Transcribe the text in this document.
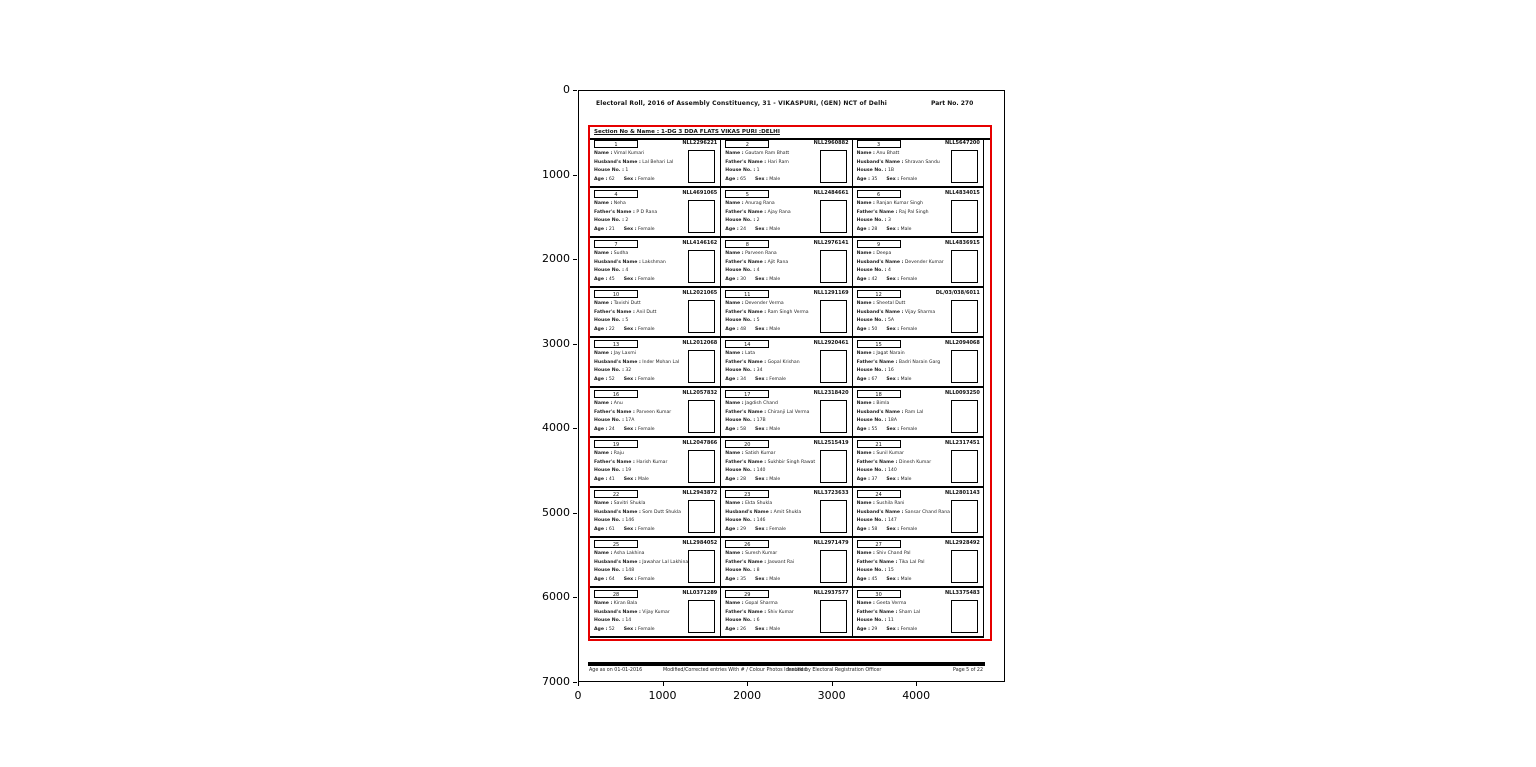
0
1000
2000
3000
4000
5000
6000
7000
0	1000	2000	3000	4000
Electoral Roll, 2016 of Assembly Constituency, 31 - VIKASPURI, (GEN) NCT of Delhi	Part No. 270
Section No & Name : 1-DG 3 DDA FLATS VIKAS PURI :DELHI
1	NLL2296221
Name : Vimal Kumari
Husband's Name : Lal Behari Lal
House No. : 1
Age : 62 Sex : Female
2	NLL2960882
Name : Gautam Ram Bhatt
Father's Name : Hari Ram
House No. : 1
Age : 65 Sex : Male
3	NLL5647200
Name : Anu Bhatt
Husband's Name : Shravan Sandu
House No. : 1B
Age : 35 Sex : Female
4	NLL4691065
Name : Neha
Father's Name : P D Rana
House No. : 2
Age : 21 Sex : Female
5	NLL2484661
Name : Anurag Rana
Father's Name : Ajay Rana
House No. : 2
Age : 24 Sex : Male
6	NLL4834015
Name : Ranjan Kumar Singh
Father's Name : Raj Pal Singh
House No. : 3
Age : 28 Sex : Male
7	NLL4146162
Name : Sudha
Husband's Name : Lakshman
House No. : 4
Age : 45 Sex : Female
8	NLL2976141
Name : Parveen Rana
Father's Name : Ajit Rana
House No. : 4
Age : 30 Sex : Male
9	NLL4836915
Name : Deepa
Husband's Name : Devender Kumar
House No. : 4
Age : 42 Sex : Female
10	NLL2021065
Name : Tavishi Dutt
Father's Name : Anil Dutt
House No. : 5
Age : 22 Sex : Female
11	NLL1291169
Name : Devender Verma
Father's Name : Ram Singh Verma
House No. : 5
Age : 48 Sex : Male
12	DL/03/038/6011
Name : Sheetal Dutt
Husband's Name : Vijay Sharma
House No. : 5A
Age : 50 Sex : Female
13	NLL2012068
Name : Jay Laxmi
Husband's Name : Inder Mohan Lal
House No. : 32
Age : 52 Sex : Female
14	NLL2920461
Name : Lata
Father's Name : Gopal Krishan
House No. : 34
Age : 34 Sex : Female
15	NLL2094068
Name : Jagat Narain
Father's Name : Badri Narain Garg
House No. : 16
Age : 67 Sex : Male
16	NLL2057832
Name : Anu
Father's Name : Parveen Kumar
House No. : 17A
Age : 24 Sex : Female
17	NLL2318420
Name : Jagdish Chand
Father's Name : Chiranji Lal Verma
House No. : 17B
Age : 58 Sex : Male
18	NLL0093250
Name : Bimla
Husband's Name : Ram Lal
House No. : 18A
Age : 55 Sex : Female
19	NLL2047866
Name : Raju
Father's Name : Harish Kumar
House No. : 19
Age : 41 Sex : Male
20	NLL2515419
Name : Satish Kumar
Father's Name : Sukhbir Singh Rawat
House No. : 140
Age : 28 Sex : Male
21	NLL2317451
Name : Sunil Kumar
Father's Name : Dinesh Kumar
House No. : 140
Age : 37 Sex : Male
22	NLL2943872
Name : Savitri Shukla
Husband's Name : Som Dutt Shukla
House No. : 146
Age : 61 Sex : Female
23	NLL3723633
Name : Ekta Shukla
Husband's Name : Amit Shukla
House No. : 146
Age : 29 Sex : Female
24	NLL2801143
Name : Sushila Rani
Husband's Name : Sansar Chand Rana
House No. : 147
Age : 58 Sex : Female
25	NLL2984052
Name : Asha Lakhina
Husband's Name : Jawahar Lal Lakhina
House No. : 148
Age : 64 Sex : Female
26	NLL2971479
Name : Suresh Kumar
Father's Name : Jaswant Rai
House No. : 8
Age : 35 Sex : Male
27	NLL2928492
Name : Shiv Chand Pal
Father's Name : Tika Lal Pal
House No. : 15
Age : 45 Sex : Male
28	NLL0371289
Name : Kiran Bala
Husband's Name : Vijay Kumar
House No. : 14
Age : 52 Sex : Female
29	NLL2937577
Name : Gopal Sharma
Father's Name : Shiv Kumar
House No. : 6
Age : 26 Sex : Male
30	NLL3375483
Name : Geeta Verma
Father's Name : Sham Lal
House No. : 11
Age : 29 Sex : Female
Age as on 01-01-2016	Modified/Corrected entries With # / Colour Photos Identified
Issued by Electoral Registration Officer	Page 5 of 22
